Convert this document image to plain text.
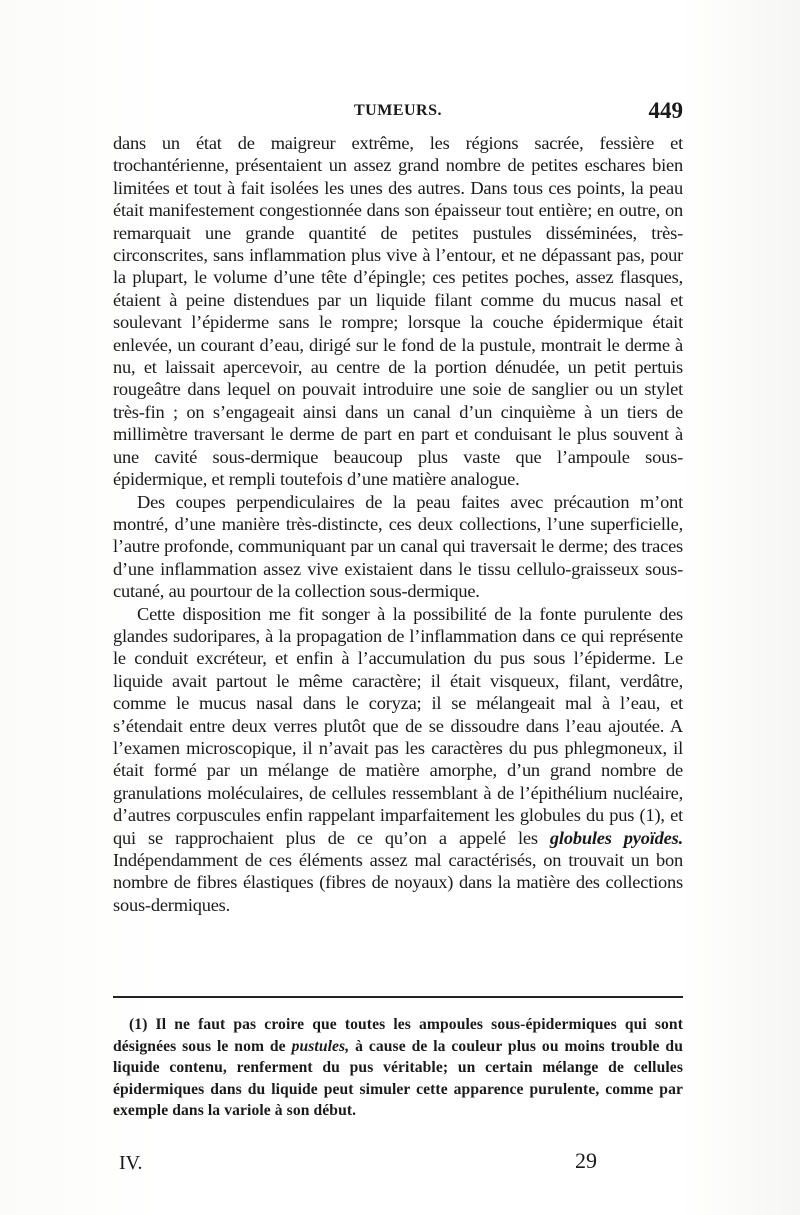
TUMEURS.	449

dans un état de maigreur extrême, les régions sacrée, fessière et trochantérienne, présentaient un assez grand nombre de petites eschares bien limitées et tout à fait isolées les unes des autres. Dans tous ces points, la peau était manifestement congestionnée dans son épaisseur tout entière; en outre, on remarquait une grande quantité de petites pustules disséminées, très-circonscrites, sans inflammation plus vive à l’entour, et ne dépassant pas, pour la plupart, le volume d’une tête d’épingle; ces petites poches, assez flasques, étaient à peine distendues par un liquide filant comme du mucus nasal et soulevant l’épiderme sans le rompre; lorsque la couche épidermique était enlevée, un courant d’eau, dirigé sur le fond de la pustule, montrait le derme à nu, et laissait apercevoir, au centre de la portion dénudée, un petit pertuis rougeâtre dans lequel on pouvait introduire une soie de sanglier ou un stylet très-fin ; on s’engageait ainsi dans un canal d’un cinquième à un tiers de millimètre traversant le derme de part en part et conduisant le plus souvent à une cavité sous-dermique beaucoup plus vaste que l’ampoule sous-épidermique, et rempli toutefois d’une matière analogue.

Des coupes perpendiculaires de la peau faites avec précaution m’ont montré, d’une manière très-distincte, ces deux collections, l’une superficielle, l’autre profonde, communiquant par un canal qui traversait le derme; des traces d’une inflammation assez vive existaient dans le tissu cellulo-graisseux sous-cutané, au pourtour de la collection sous-dermique.

Cette disposition me fit songer à la possibilité de la fonte purulente des glandes sudoripares, à la propagation de l’inflammation dans ce qui représente le conduit excréteur, et enfin à l’accumulation du pus sous l’épiderme. Le liquide avait partout le même caractère; il était visqueux, filant, verdâtre, comme le mucus nasal dans le coryza; il se mélangeait mal à l’eau, et s’étendait entre deux verres plutôt que de se dissoudre dans l’eau ajoutée. A l’examen microscopique, il n’avait pas les caractères du pus phlegmoneux, il était formé par un mélange de matière amorphe, d’un grand nombre de granulations moléculaires, de cellules ressemblant à de l’épithélium nucléaire, d’autres corpuscules enfin rappelant imparfaitement les globules du pus (1), et qui se rapprochaient plus de ce qu’on a appelé les globules pyoïdes. Indépendamment de ces éléments assez mal caractérisés, on trouvait un bon nombre de fibres élastiques (fibres de noyaux) dans la matière des collections sous-dermiques.

(1) Il ne faut pas croire que toutes les ampoules sous-épidermiques qui sont désignées sous le nom de pustules, à cause de la couleur plus ou moins trouble du liquide contenu, renferment du pus véritable; un certain mélange de cellules épidermiques dans du liquide peut simuler cette apparence purulente, comme par exemple dans la variole à son début.
IV.	29
